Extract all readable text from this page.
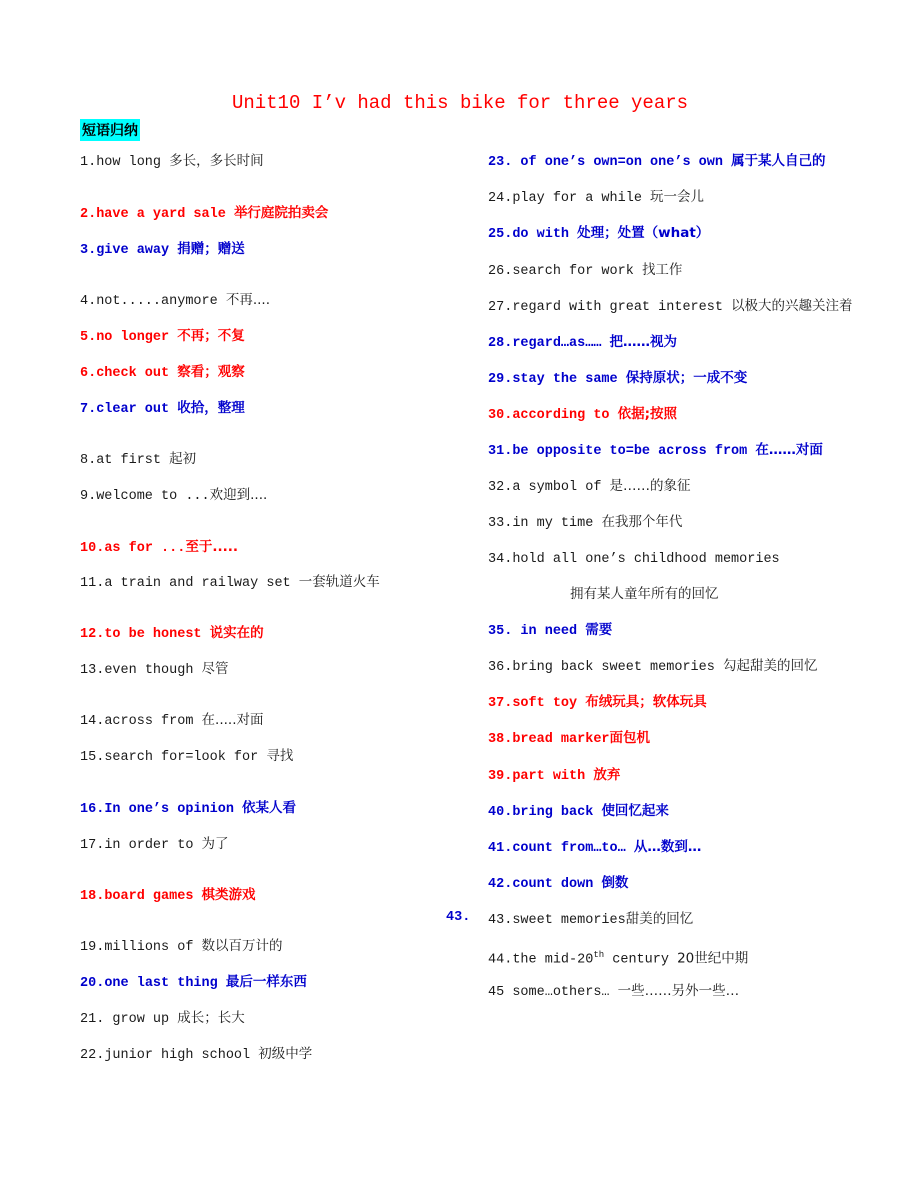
Unit10 I’v had this bike for three years
短语归纳
1.how long 多长，多长时间
2.have a yard sale 举行庭院拍卖会
3.give away 捐赠；赠送
4.not.....anymore 不再....
5.no longer 不再；不复
6.check out 察看；观察
7.clear out 收拾，整理
8.at first 起初
9.welcome to ...欢迎到....
10.as for ...至于.....
11.a train and railway set 一套轨道火车
12.to be honest 说实在的
13.even though 尽管
14.across from 在.....对面
15.search for=look for 寻找
16.In one’s opinion 依某人看
17.in order to 为了
18.board games 棋类游戏
19.millions of 数以百万计的
20.one last thing 最后一样东西
21. grow up 成长；长大
22.junior high school 初级中学
23. of one’s own=on one’s own 属于某人自己的
24.play for a while 玩一会儿
25.do with 处理；处置（what）
26.search for work 找工作
27.regard with great interest 以极大的兴趣关注着
28.regard…as…… 把……视为
29.stay the same 保持原状；一成不变
30.according to 依据;按照
31.be opposite to=be across from 在……对面
32.a symbol of 是……的象征
33.in my time 在我那个年代
34.hold all one’s childhood memories
拥有某人童年所有的回忆
35. in need 需要
36.bring back sweet memories 勾起甜美的回忆
37.soft toy 布绒玩具；软体玩具
38.bread marker面包机
39.part with 放弃
40.bring back 使回忆起来
41.count from…to… 从…数到…
42.count down 倒数
43.sweet memories甜美的回忆
44.the mid-20th century 20世纪中期
45 some…others… 一些……另外一些…
43.
